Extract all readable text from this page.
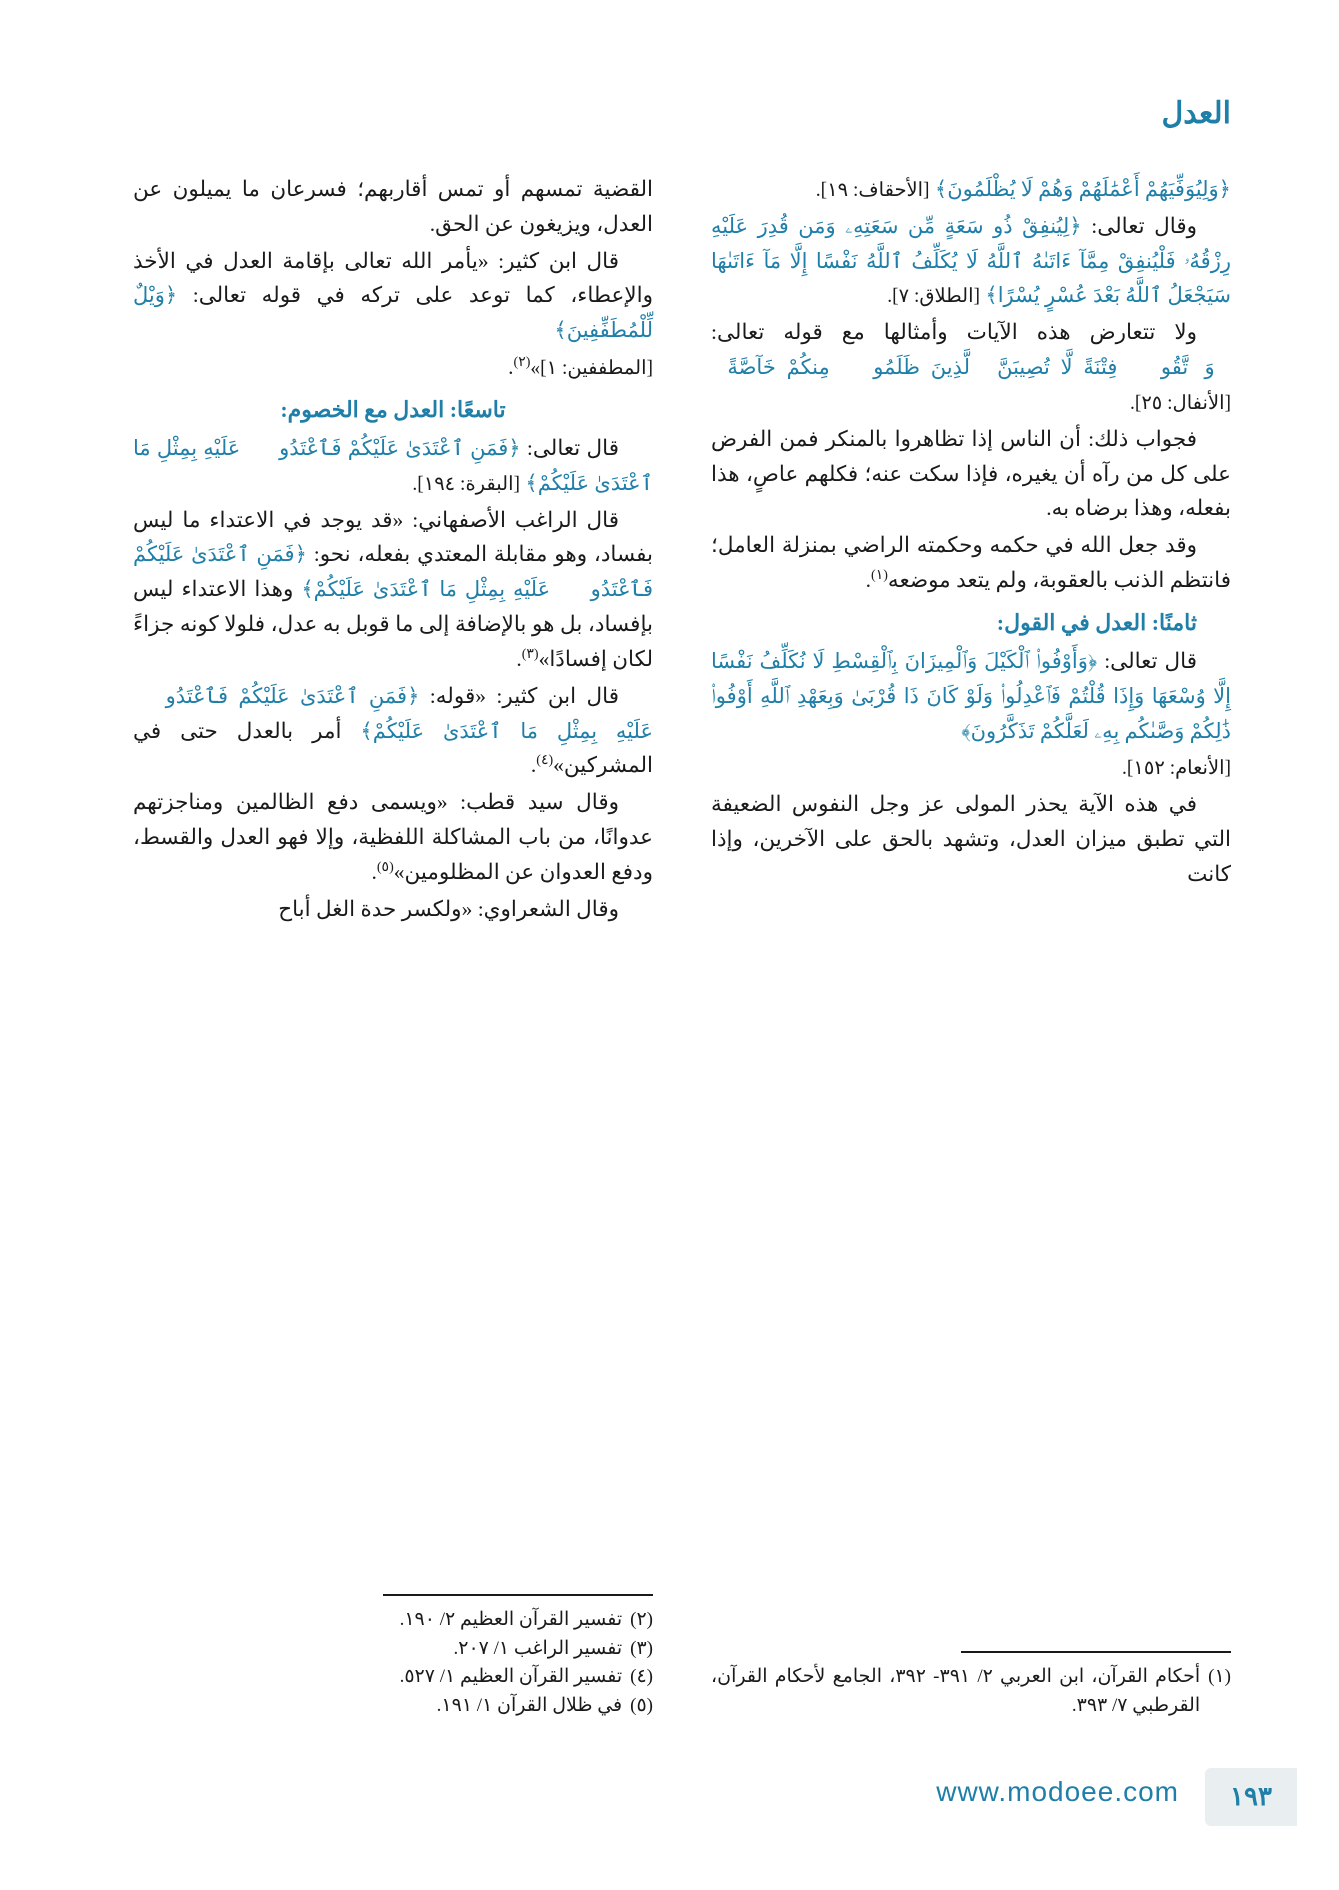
العدل

﴿وَلِيُوَفِّيَهُمْ أَعْمَٰلَهُمْ وَهُمْ لَا يُظْلَمُونَ﴾ [الأحقاف: ١٩].

وقال تعالى: ﴿لِيُنفِقْ ذُو سَعَةٍ مِّن سَعَتِهِۦ وَمَن قُدِرَ عَلَيْهِ رِزْقُهُۥ فَلْيُنفِقْ مِمَّآ ءَاتَىٰهُ ٱللَّهُ لَا يُكَلِّفُ ٱللَّهُ نَفْسًا إِلَّا مَآ ءَاتَىٰهَا سَيَجْعَلُ ٱللَّهُ بَعْدَ عُسْرٍ يُسْرًا﴾ [الطلاق: ٧].

ولا تتعارض هذه الآيات وأمثالها مع قوله تعالى: ﴿وَٱتَّقُوا۟ فِتْنَةً لَّا تُصِيبَنَّ ٱلَّذِينَ ظَلَمُوا۟ مِنكُمْ خَآصَّةً﴾ [الأنفال: ٢٥].

فجواب ذلك: أن الناس إذا تظاهروا بالمنكر فمن الفرض على كل من رآه أن يغيره، فإذا سكت عنه؛ فكلهم عاصٍ، هذا بفعله، وهذا برضاه به.

وقد جعل الله في حكمه وحكمته الراضي بمنزلة العامل؛ فانتظم الذنب بالعقوبة، ولم يتعد موضعه$^{(١)}$.

ثامنًا: العدل في القول:

قال تعالى: ﴿وَأَوْفُوا۟ ٱلْكَيْلَ وَٱلْمِيزَانَ بِٱلْقِسْطِ لَا نُكَلِّفُ نَفْسًا إِلَّا وُسْعَهَا وَإِذَا قُلْتُمْ فَٱعْدِلُوا۟ وَلَوْ كَانَ ذَا قُرْبَىٰ وَبِعَهْدِ ٱللَّهِ أَوْفُوا۟ ذَٰلِكُمْ وَصَّىٰكُم بِهِۦ لَعَلَّكُمْ تَذَكَّرُونَ﴾

[الأنعام: ١٥٢].

في هذه الآية يحذر المولى عز وجل النفوس الضعيفة التي تطبق ميزان العدل، وتشهد بالحق على الآخرين، وإذا كانت

(١)
أحكام القرآن، ابن العربي ٢/ ٣٩١- ٣٩٢، الجامع لأحكام القرآن، القرطبي ٧/ ٣٩٣.

القضية تمسهم أو تمس أقاربهم؛ فسرعان ما يميلون عن العدل، ويزيغون عن الحق.

قال ابن كثير: «يأمر الله تعالى بإقامة العدل في الأخذ والإعطاء، كما توعد على تركه في قوله تعالى: ﴿وَيْلٌ لِّلْمُطَفِّفِينَ﴾

[المطففين: ١]»$^{(٢)}$.

تاسعًا: العدل مع الخصوم:

قال تعالى: ﴿فَمَنِ ٱعْتَدَىٰ عَلَيْكُمْ فَٱعْتَدُوا۟ عَلَيْهِ بِمِثْلِ مَا ٱعْتَدَىٰ عَلَيْكُمْ﴾ [البقرة: ١٩٤].

قال الراغب الأصفهاني: «قد يوجد في الاعتداء ما ليس بفساد، وهو مقابلة المعتدي بفعله، نحو: ﴿فَمَنِ ٱعْتَدَىٰ عَلَيْكُمْ فَٱعْتَدُوا۟ عَلَيْهِ بِمِثْلِ مَا ٱعْتَدَىٰ عَلَيْكُمْ﴾ وهذا الاعتداء ليس بإفساد، بل هو بالإضافة إلى ما قوبل به عدل، فلولا كونه جزاءً لكان إفسادًا»$^{(٣)}$.

قال ابن كثير: «قوله: ﴿فَمَنِ ٱعْتَدَىٰ عَلَيْكُمْ فَٱعْتَدُوا۟ عَلَيْهِ بِمِثْلِ مَا ٱعْتَدَىٰ عَلَيْكُمْ﴾ أمر بالعدل حتى في المشركين»$^{(٤)}$.

وقال سيد قطب: «ويسمى دفع الظالمين ومناجزتهم عدوانًا، من باب المشاكلة اللفظية، وإلا فهو العدل والقسط، ودفع العدوان عن المظلومين»$^{(٥)}$.

وقال الشعراوي: «ولكسر حدة الغل أباح

(٢)
تفسير القرآن العظيم ٢/ ١٩٠.
(٣)
تفسير الراغب ١/ ٢٠٧.
(٤)
تفسير القرآن العظيم ١/ ٥٢٧.
(٥)
في ظلال القرآن ١/ ١٩١.
١٩٣
www.modoee.com
